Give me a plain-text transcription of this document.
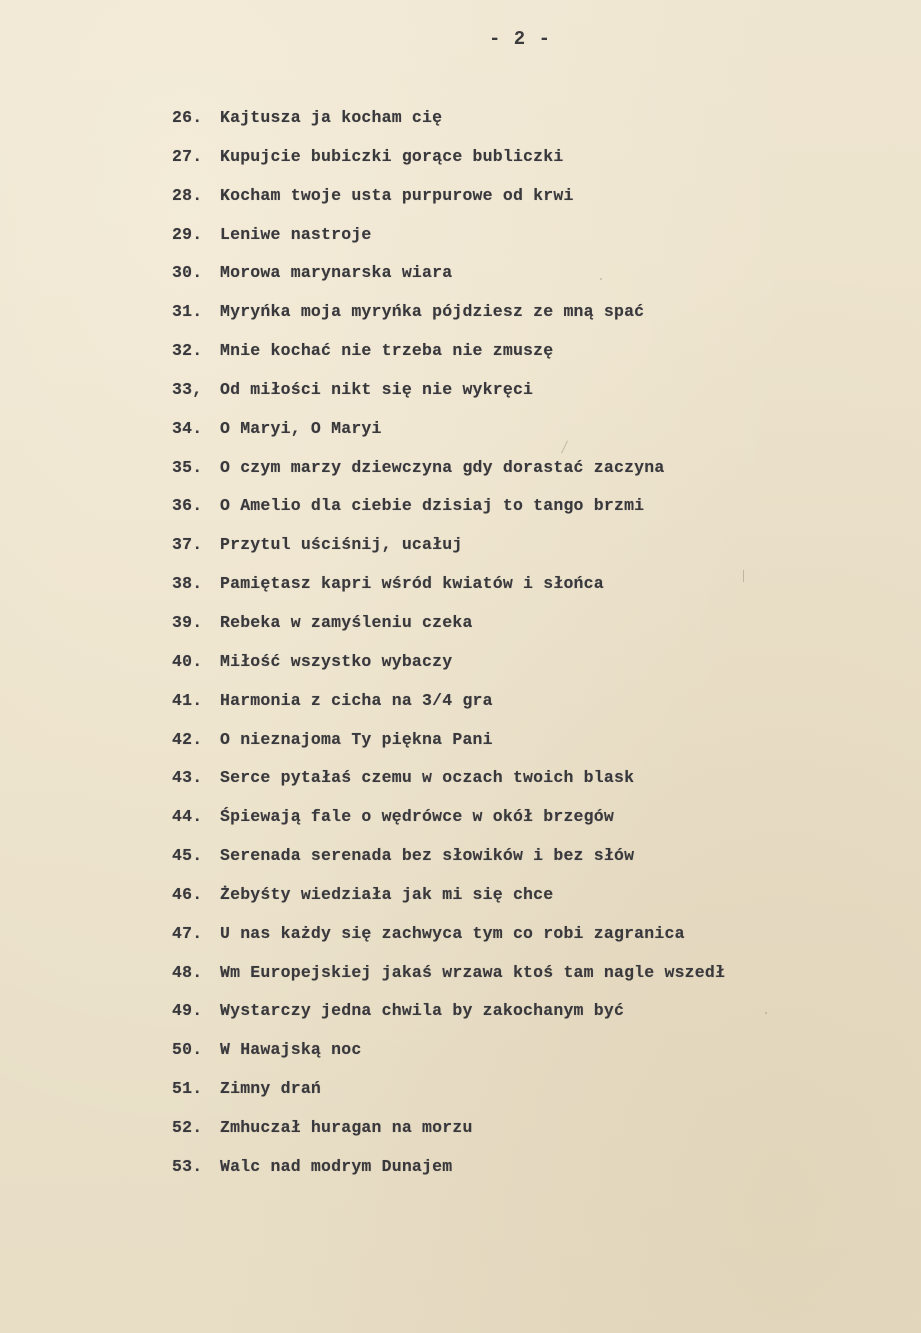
- 2 -
26.	Kajtusza ja kocham cię
27.	Kupujcie bubiczki gorące bubliczki
28.	Kocham twoje usta purpurowe od krwi
29.	Leniwe nastroje
30.	Morowa marynarska wiara
31.	Myryńka moja myryńka pójdziesz ze mną spać
32.	Mnie kochać nie trzeba nie zmuszę
33,	Od miłości nikt się nie wykręci
34.	O Maryi, O Maryi
35.	O czym marzy dziewczyna gdy dorastać zaczyna
36.	O Amelio dla ciebie dzisiaj to tango brzmi
37.	Przytul uściśnij, ucałuj
38.	Pamiętasz kapri wśród kwiatów i słońca
39.	Rebeka w zamyśleniu czeka
40.	Miłość wszystko wybaczy
41.	Harmonia z cicha na 3/4 gra
42.	O nieznajoma Ty piękna Pani
43.	Serce pytałaś czemu w oczach twoich blask
44.	Śpiewają fale o wędrówce w okół brzegów
45.	Serenada serenada bez słowików i bez słów
46.	Żebyśty wiedziała jak mi się chce
47.	U nas każdy się zachwyca tym co robi zagranica
48.	Wm Europejskiej jakaś wrzawa ktoś tam nagle wszedł
49.	Wystarczy jedna chwila by zakochanym być
50.	W Hawajską noc
51.	Zimny drań
52.	Zmhuczał huragan na morzu
53.	Walc nad modrym Dunajem
